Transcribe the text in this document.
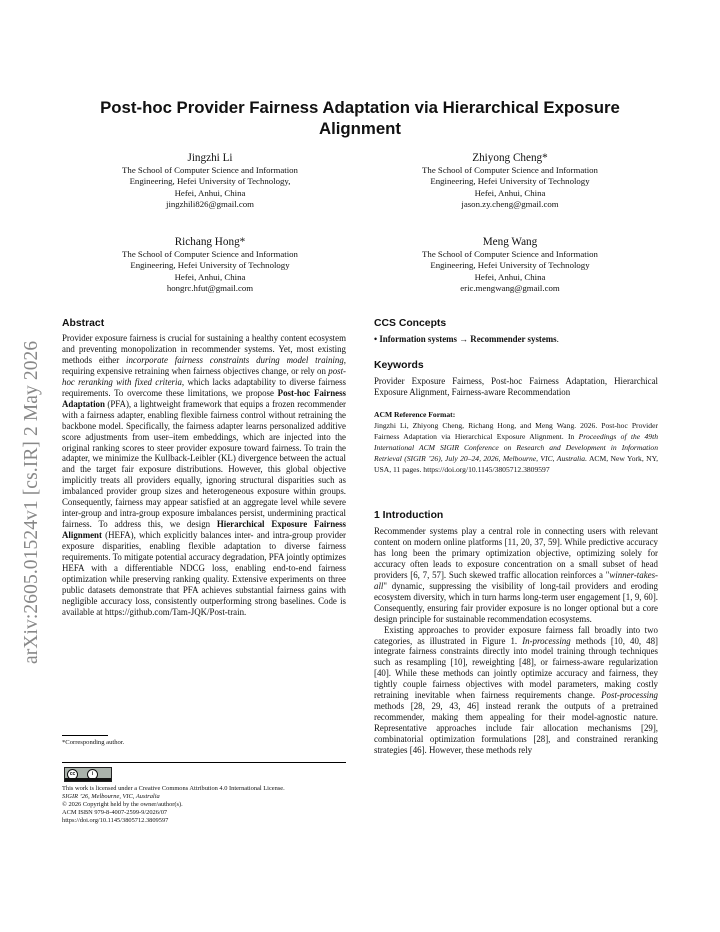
arXiv:2605.01524v1 [cs.IR] 2 May 2026
Post-hoc Provider Fairness Adaptation via Hierarchical Exposure Alignment
Jingzhi Li
The School of Computer Science and Information
Engineering, Hefei University of Technology,
Hefei, Anhui, China
jingzhili826@gmail.com
Zhiyong Cheng*
The School of Computer Science and Information
Engineering, Hefei University of Technology
Hefei, Anhui, China
jason.zy.cheng@gmail.com
Richang Hong*
The School of Computer Science and Information
Engineering, Hefei University of Technology
Hefei, Anhui, China
hongrc.hfut@gmail.com
Meng Wang
The School of Computer Science and Information
Engineering, Hefei University of Technology
Hefei, Anhui, China
eric.mengwang@gmail.com
Abstract

Provider exposure fairness is crucial for sustaining a healthy content ecosystem and preventing monopolization in recommender systems. Yet, most existing methods either incorporate fairness constraints during model training, requiring expensive retraining when fairness objectives change, or rely on post-hoc reranking with fixed criteria, which lacks adaptability to diverse fairness requirements. To overcome these limitations, we propose Post-hoc Fairness Adaptation (PFA), a lightweight framework that equips a frozen recommender with a fairness adapter, enabling flexible fairness control without retraining the backbone model. Specifically, the fairness adapter learns personalized additive score adjustments from user–item embeddings, which are injected into the original ranking scores to steer provider exposure toward fairness. To train the adapter, we minimize the Kullback-Leibler (KL) divergence between the actual and the target fair exposure distributions. However, this global objective implicitly treats all providers equally, ignoring structural disparities such as imbalanced provider group sizes and heterogeneous exposure within groups. Consequently, fairness may appear satisfied at an aggregate level while severe inter-group and intra-group exposure imbalances persist, undermining practical fairness. To address this, we design Hierarchical Exposure Fairness Alignment (HEFA), which explicitly balances inter- and intra-group provider exposure disparities, enabling flexible adaptation to diverse fairness requirements. To mitigate potential accuracy degradation, PFA jointly optimizes HEFA with a differentiable NDCG loss, enabling end-to-end fairness optimization while preserving ranking quality. Extensive experiments on three public datasets demonstrate that PFA achieves substantial fairness gains with negligible accuracy loss, consistently outperforming strong baselines. Code is available at https://github.com/Tam-JQK/Post-train.

*Corresponding author.
cc	i
This work is licensed under a Creative Commons Attribution 4.0 International License.
SIGIR ’26, Melbourne, VIC, Australia
© 2026 Copyright held by the owner/author(s).
ACM ISBN 979-8-4007-2599-9/2026/07
https://doi.org/10.1145/3805712.3809597
CCS Concepts

• Information systems → Recommender systems.

Keywords

Provider Exposure Fairness, Post-hoc Fairness Adaptation, Hierarchical Exposure Alignment, Fairness-aware Recommendation

ACM Reference Format:

Jingzhi Li, Zhiyong Cheng, Richang Hong, and Meng Wang. 2026. Post-hoc Provider Fairness Adaptation via Hierarchical Exposure Alignment. In Proceedings of the 49th International ACM SIGIR Conference on Research and Development in Information Retrieval (SIGIR ’26), July 20–24, 2026, Melbourne, VIC, Australia. ACM, New York, NY, USA, 11 pages. https://doi.org/10.1145/3805712.3809597

1 Introduction

Recommender systems play a central role in connecting users with relevant content on modern online platforms [11, 20, 37, 59]. While predictive accuracy has long been the primary optimization objective, optimizing solely for accuracy often leads to exposure concentration on a small subset of head providers [6, 7, 57]. Such skewed traffic allocation reinforces a "winner-takes-all" dynamic, suppressing the visibility of long-tail providers and eroding ecosystem diversity, which in turn harms long-term user engagement [1, 9, 60]. Consequently, ensuring fair provider exposure is no longer optional but a core design principle for sustainable recommendation ecosystems.

Existing approaches to provider exposure fairness fall broadly into two categories, as illustrated in Figure 1. In-processing methods [10, 40, 48] integrate fairness constraints directly into model training through techniques such as resampling [10], reweighting [48], or fairness-aware regularization [40]. While these methods can jointly optimize accuracy and fairness, they tightly couple fairness objectives with model parameters, making costly retraining inevitable when fairness requirements change. Post-processing methods [28, 29, 43, 46] instead rerank the outputs of a pretrained recommender, making them appealing for their model-agnostic nature. Representative approaches include fair allocation mechanisms [29], combinatorial optimization formulations [28], and constrained reranking strategies [46]. However, these methods rely
